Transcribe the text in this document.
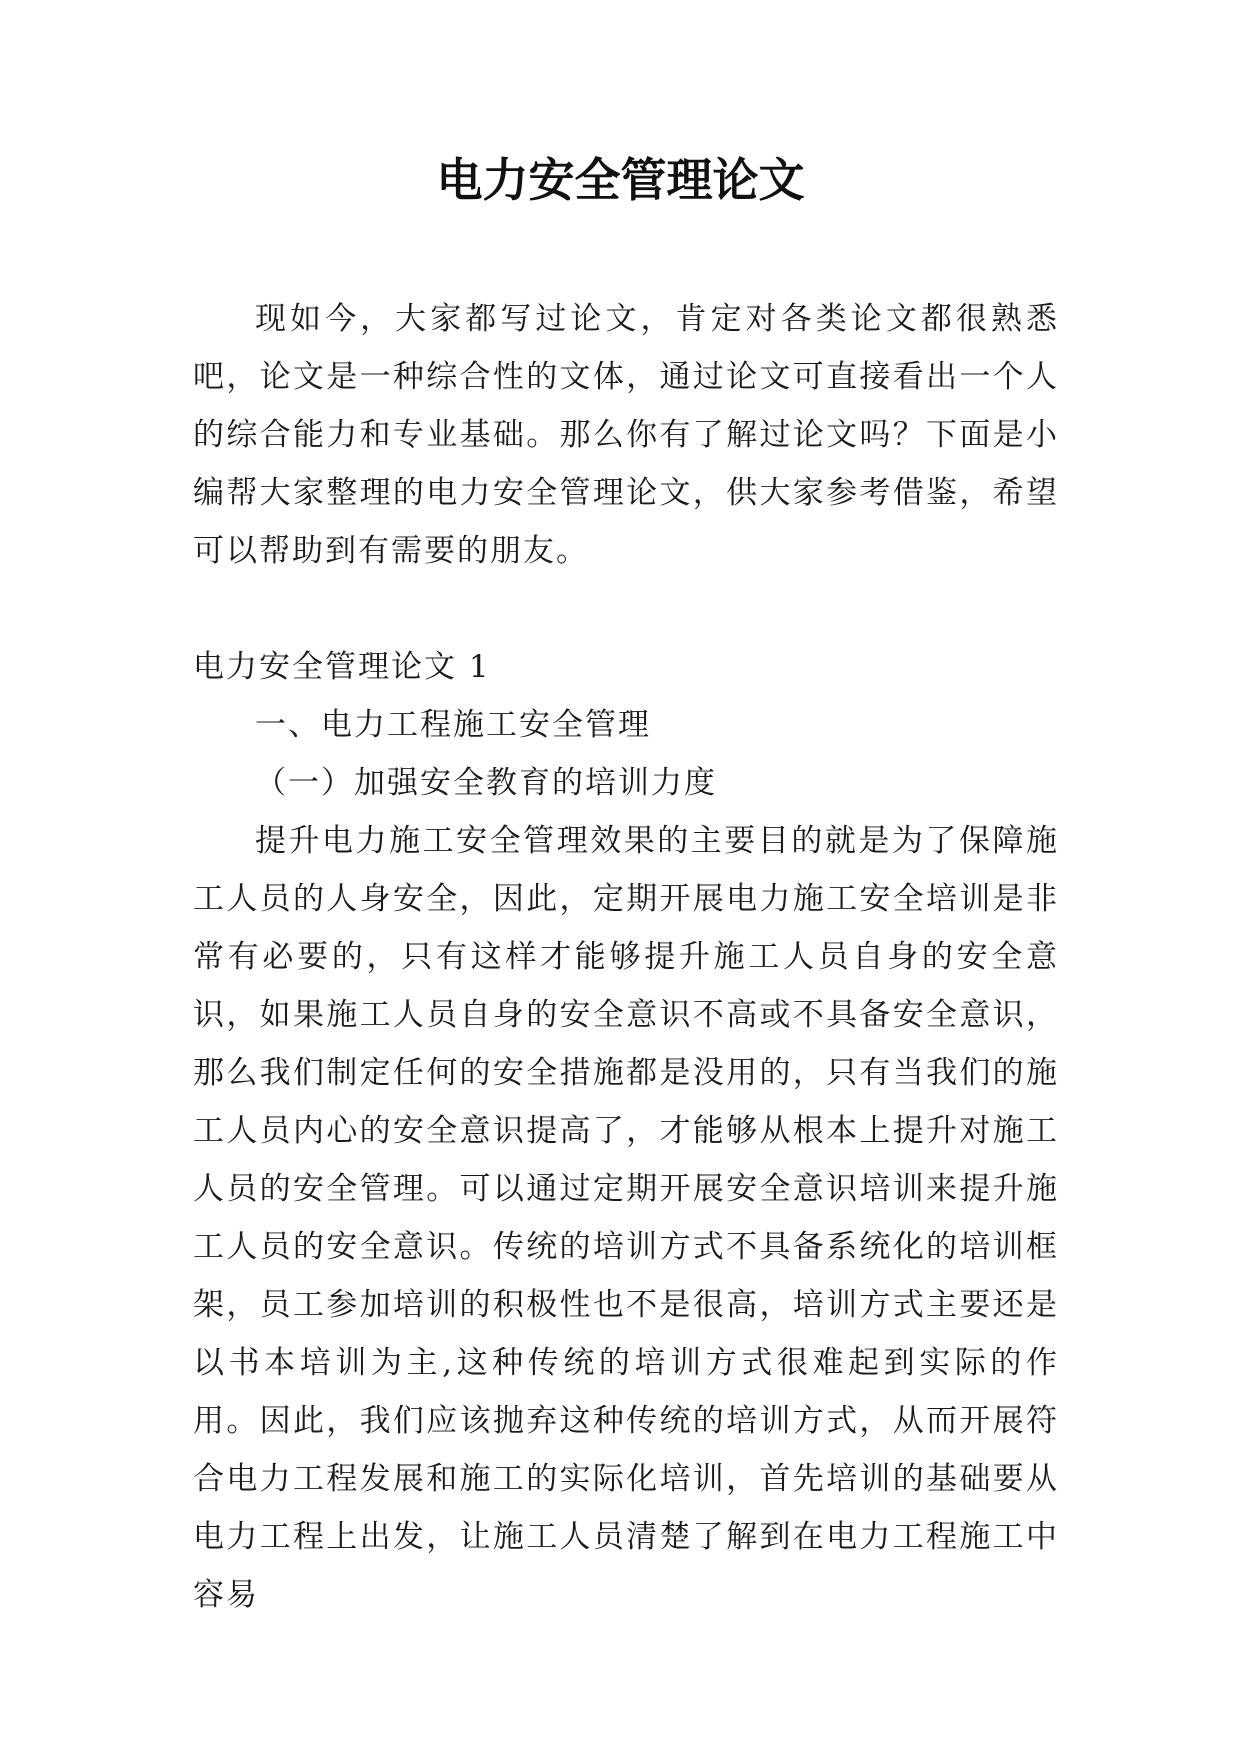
电力安全管理论文

现如今，大家都写过论文，肯定对各类论文都很熟悉吧，论文是一种综合性的文体，通过论文可直接看出一个人的综合能力和专业基础。那么你有了解过论文吗？下面是小编帮大家整理的电力安全管理论文，供大家参考借鉴，希望可以帮助到有需要的朋友。

电力安全管理论文 1

一、电力工程施工安全管理

（一）加强安全教育的培训力度

提升电力施工安全管理效果的主要目的就是为了保障施工人员的人身安全，因此，定期开展电力施工安全培训是非常有必要的，只有这样才能够提升施工人员自身的安全意识，如果施工人员自身的安全意识不高或不具备安全意识，那么我们制定任何的安全措施都是没用的，只有当我们的施工人员内心的安全意识提高了，才能够从根本上提升对施工人员的安全管理。可以通过定期开展安全意识培训来提升施工人员的安全意识。传统的培训方式不具备系统化的培训框架，员工参加培训的积极性也不是很高，培训方式主要还是以书本培训为主,这种传统的培训方式很难起到实际的作用。因此，我们应该抛弃这种传统的培训方式，从而开展符合电力工程发展和施工的实际化培训，首先培训的基础要从电力工程上出发，让施工人员清楚了解到在电力工程施工中容易
